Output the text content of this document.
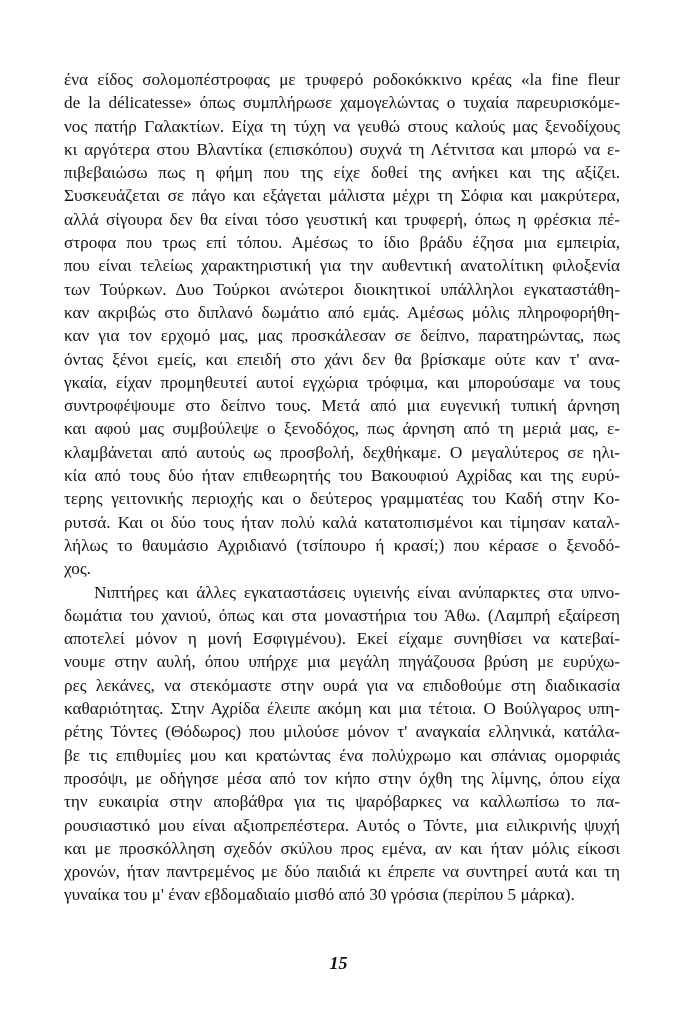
ένα είδος σολομοπέστροφας με τρυφερό ροδοκόκκινο κρέας «la fine fleur
de la délicatesse» όπως συμπλήρωσε χαμογελώντας ο τυχαία παρευρισκόμε-
νος πατήρ Γαλακτίων. Είχα τη τύχη να γευθώ στους καλούς μας ξενοδίχους
κι αργότερα στου Βλαντίκα (επισκόπου) συχνά τη Λέτνιτσα και μπορώ να ε-
πιβεβαιώσω πως η φήμη που της είχε δοθεί της ανήκει και της αξίζει.
Συσκευάζεται σε πάγο και εξάγεται μάλιστα μέχρι τη Σόφια και μακρύτερα,
αλλά σίγουρα δεν θα είναι τόσο γευστική και τρυφερή, όπως η φρέσκια πέ-
στροφα που τρως επί τόπου. Αμέσως το ίδιο βράδυ έζησα μια εμπειρία,
που είναι τελείως χαρακτηριστική για την αυθεντική ανατολίτικη φιλοξενία
των Τούρκων. Δυο Τούρκοι ανώτεροι διοικητικοί υπάλληλοι εγκαταστάθη-
καν ακριβώς στο διπλανό δωμάτιο από εμάς. Αμέσως μόλις πληροφορήθη-
καν για τον ερχομό μας, μας προσκάλεσαν σε δείπνο, παρατηρώντας, πως
όντας ξένοι εμείς, και επειδή στο χάνι δεν θα βρίσκαμε ούτε καν τ' ανα-
γκαία, είχαν προμηθευτεί αυτοί εγχώρια τρόφιμα, και μπορούσαμε να τους
συντροφέψουμε στο δείπνο τους. Μετά από μια ευγενική τυπική άρνηση
και αφού μας συμβούλεψε ο ξενοδόχος, πως άρνηση από τη μεριά μας, ε-
κλαμβάνεται από αυτούς ως προσβολή, δεχθήκαμε. Ο μεγαλύτερος σε ηλι-
κία από τους δύο ήταν επιθεωρητής του Βακουφιού Αχρίδας και της ευρύ-
τερης γειτονικής περιοχής και ο δεύτερος γραμματέας του Καδή στην Κο-
ρυτσά. Και οι δύο τους ήταν πολύ καλά κατατοπισμένοι και τίμησαν καταλ-
λήλως το θαυμάσιο Αχριδιανό (τσίπουρο ή κρασί;) που κέρασε ο ξενοδό-
χος.
Νιπτήρες και άλλες εγκαταστάσεις υγιεινής είναι ανύπαρκτες στα υπνο-
δωμάτια του χανιού, όπως και στα μοναστήρια του Άθω. (Λαμπρή εξαίρεση
αποτελεί μόνον η μονή Εσφιγμένου). Εκεί είχαμε συνηθίσει να κατεβαί-
νουμε στην αυλή, όπου υπήρχε μια μεγάλη πηγάζουσα βρύση με ευρύχω-
ρες λεκάνες, να στεκόμαστε στην ουρά για να επιδοθούμε στη διαδικασία
καθαριότητας. Στην Αχρίδα έλειπε ακόμη και μια τέτοια. Ο Βούλγαρος υπη-
ρέτης Τόντες (Θόδωρος) που μιλούσε μόνον τ' αναγκαία ελληνικά, κατάλα-
βε τις επιθυμίες μου και κρατώντας ένα πολύχρωμο και σπάνιας ομορφιάς
προσόψι, με οδήγησε μέσα από τον κήπο στην όχθη της λίμνης, όπου είχα
την ευκαιρία στην αποβάθρα για τις ψαρόβαρκες να καλλωπίσω το πα-
ρουσιαστικό μου είναι αξιοπρεπέστερα. Αυτός ο Τόντε, μια ειλικρινής ψυχή
και με προσκόλληση σχεδόν σκύλου προς εμένα, αν και ήταν μόλις είκοσι
χρονών, ήταν παντρεμένος με δύο παιδιά κι έπρεπε να συντηρεί αυτά και τη
γυναίκα του μ' έναν εβδομαδιαίο μισθό από 30 γρόσια (περίπου 5 μάρκα).
15
